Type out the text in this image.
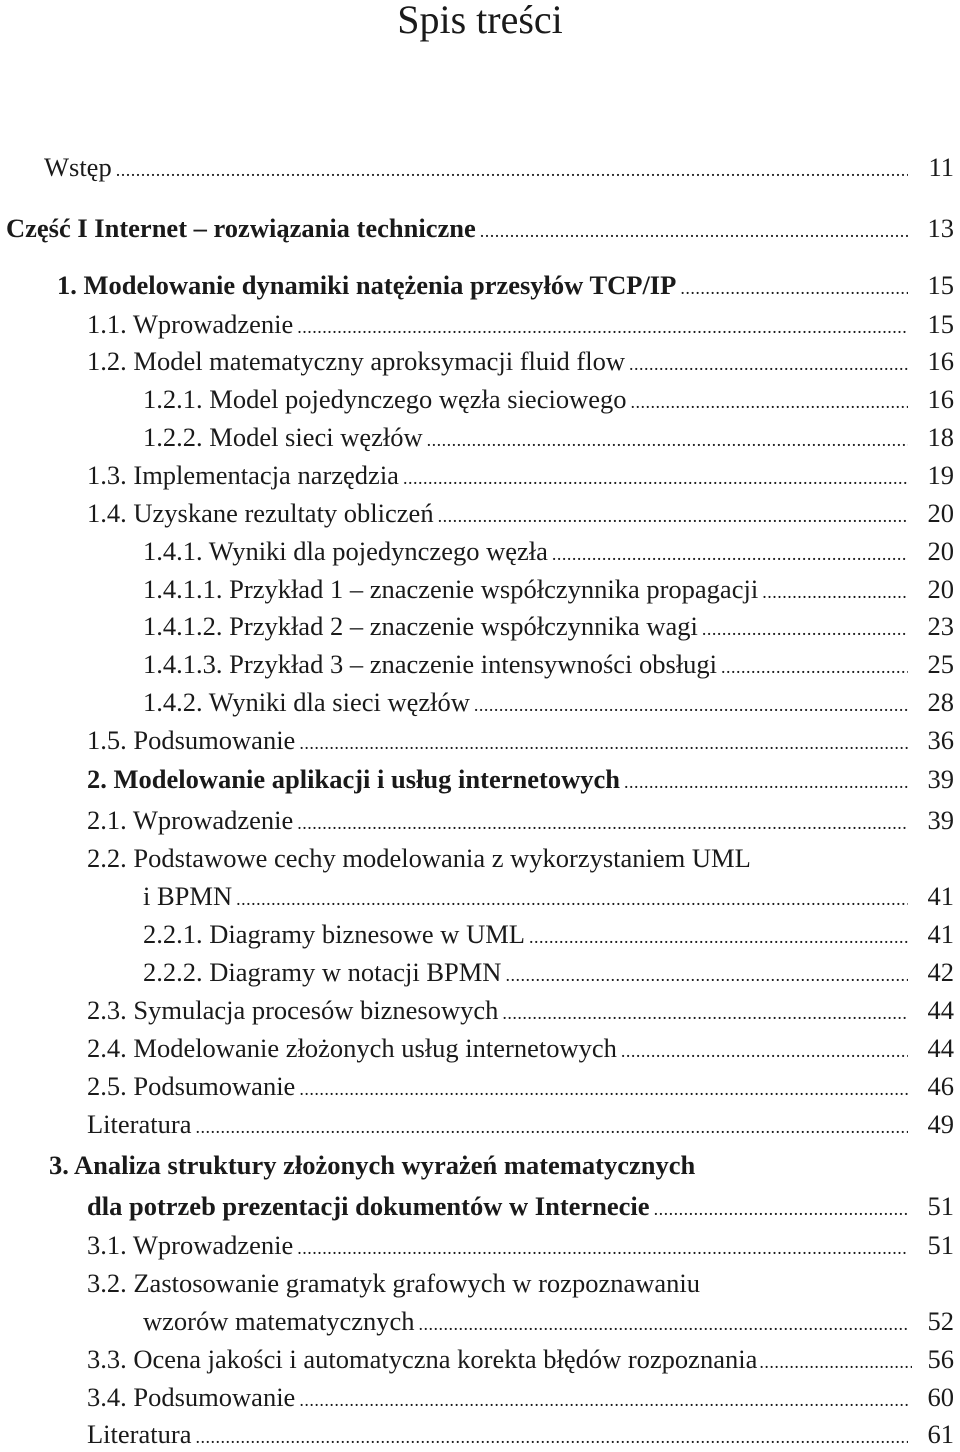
Spis treści
Wstęp .....	11
Część I Internet – rozwiązania techniczne .....	13
1. Modelowanie dynamiki natężenia przesyłów TCP/IP .....	15
1.1. Wprowadzenie .....	15
1.2. Model matematyczny aproksymacji fluid flow .....	16
1.2.1. Model pojedynczego węzła sieciowego .....	16
1.2.2. Model sieci węzłów .....	18
1.3. Implementacja narzędzia .....	19
1.4. Uzyskane rezultaty obliczeń .....	20
1.4.1. Wyniki dla pojedynczego węzła .....	20
1.4.1.1. Przykład 1 – znaczenie współczynnika propagacji .....	20
1.4.1.2. Przykład 2 – znaczenie współczynnika wagi .....	23
1.4.1.3. Przykład 3 – znaczenie intensywności obsługi .....	25
1.4.2. Wyniki dla sieci węzłów .....	28
1.5. Podsumowanie .....	36
2. Modelowanie aplikacji i usług internetowych .....	39
2.1. Wprowadzenie .....	39
2.2. Podstawowe cechy modelowania z wykorzystaniem UML
i BPMN .....	41
2.2.1. Diagramy biznesowe w UML .....	41
2.2.2. Diagramy w notacji BPMN .....	42
2.3. Symulacja procesów biznesowych .....	44
2.4. Modelowanie złożonych usług internetowych .....	44
2.5. Podsumowanie .....	46
Literatura .....	49
3. Analiza struktury złożonych wyrażeń matematycznych
dla potrzeb prezentacji dokumentów w Internecie .....	51
3.1. Wprowadzenie .....	51
3.2. Zastosowanie gramatyk grafowych w rozpoznawaniu
wzorów matematycznych .....	52
3.3. Ocena jakości i automatyczna korekta błędów rozpoznania .....	56
3.4. Podsumowanie .....	60
Literatura .....	61
